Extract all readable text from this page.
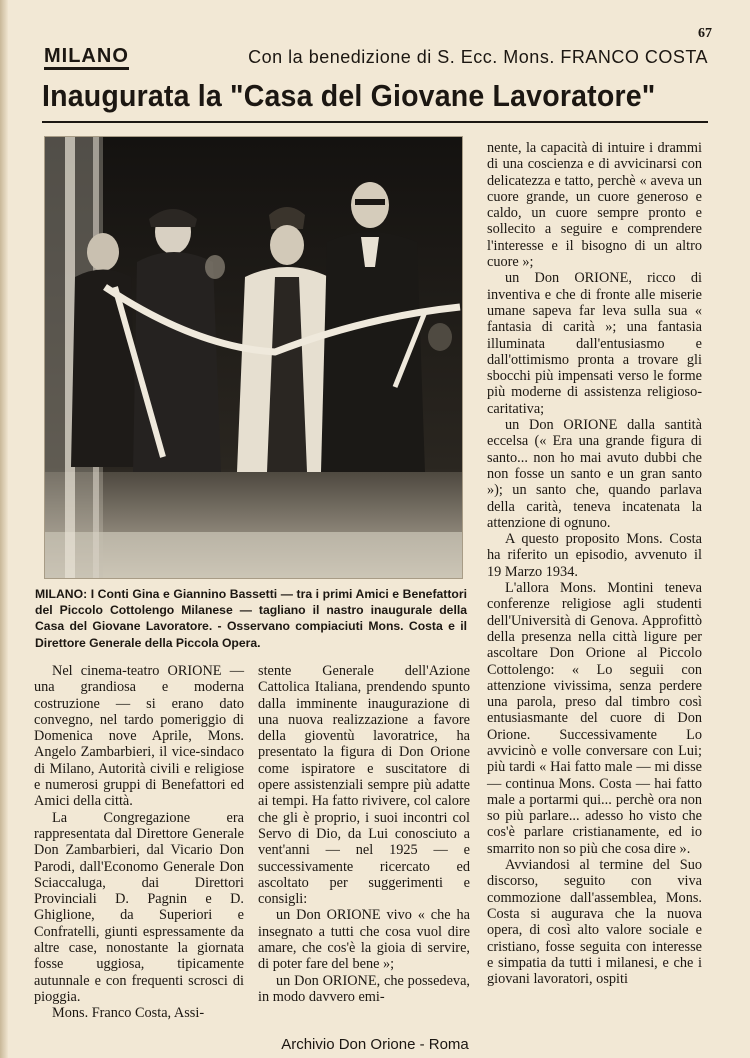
67
MILANO	Con la benedizione di S. Ecc. Mons. FRANCO COSTA
Inaugurata la "Casa del Giovane Lavoratore"
MILANO: I Conti Gina e Giannino Bassetti — tra i primi Amici e Benefattori del Piccolo Cottolengo Milanese — tagliano il nastro inaugurale della Casa del Giovane Lavoratore. - Osservano compiaciuti Mons. Costa e il Direttore Generale della Piccola Opera.

Nel cinema-teatro ORIONE — una grandiosa e moderna costruzione — si erano dato convegno, nel tardo pomeriggio di Domenica nove Aprile, Mons. Angelo Zambarbieri, il vice-sindaco di Milano, Autorità civili e religiose e numerosi gruppi di Benefattori ed Amici della città.

La Congregazione era rappresentata dal Direttore Generale Don Zambarbieri, dal Vicario Don Parodi, dall'Economo Generale Don Sciaccaluga, dai Direttori Provinciali D. Pagnin e D. Ghiglione, da Superiori e Confratelli, giunti espressamente da altre case, nonostante la giornata fosse uggiosa, tipicamente autunnale e con frequenti scrosci di pioggia.

Mons. Franco Costa, Assi-

stente Generale dell'Azione Cattolica Italiana, prendendo spunto dalla imminente inaugurazione di una nuova realizzazione a favore della gioventù lavoratrice, ha presentato la figura di Don Orione come ispiratore e suscitatore di opere assistenziali sempre più adatte ai tempi. Ha fatto rivivere, col calore che gli è proprio, i suoi incontri col Servo di Dio, da Lui conosciuto a vent'anni — nel 1925 — e successivamente ricercato ed ascoltato per suggerimenti e consigli:

un Don ORIONE vivo « che ha insegnato a tutti che cosa vuol dire amare, che cos'è la gioia di servire, di poter fare del bene »;

un Don ORIONE, che possedeva, in modo davvero emi-

nente, la capacità di intuire i drammi di una coscienza e di avvicinarsi con delicatezza e tatto, perchè « aveva un cuore grande, un cuore generoso e caldo, un cuore sempre pronto e sollecito a seguire e comprendere l'interesse e il bisogno di un altro cuore »;

un Don ORIONE, ricco di inventiva e che di fronte alle miserie umane sapeva far leva sulla sua « fantasia di carità »; una fantasia illuminata dall'entusiasmo e dall'ottimismo pronta a trovare gli sbocchi più impensati verso le forme più moderne di assistenza religioso-caritativa;

un Don ORIONE dalla santità eccelsa (« Era una grande figura di santo... non ho mai avuto dubbi che non fosse un santo e un gran santo »); un santo che, quando parlava della carità, teneva incatenata la attenzione di ognuno.

A questo proposito Mons. Costa ha riferito un episodio, avvenuto il 19 Marzo 1934.

L'allora Mons. Montini teneva conferenze religiose agli studenti dell'Università di Genova. Approfittò della presenza nella città ligure per ascoltare Don Orione al Piccolo Cottolengo: « Lo seguii con attenzione vivissima, senza perdere una parola, preso dal timbro così entusiasmante del cuore di Don Orione. Successivamente Lo avvicinò e volle conversare con Lui; più tardi « Hai fatto male — mi disse — continua Mons. Costa — hai fatto male a portarmi qui... perchè ora non so più parlare... adesso ho visto che cos'è parlare cristianamente, ed io smarrito non so più che cosa dire ».

Avviandosi al termine del Suo discorso, seguito con viva commozione dall'assemblea, Mons. Costa si augurava che la nuova opera, di così alto valore sociale e cristiano, fosse seguita con interesse e simpatia da tutti i milanesi, e che i giovani lavoratori, ospiti

Archivio Don Orione - Roma
